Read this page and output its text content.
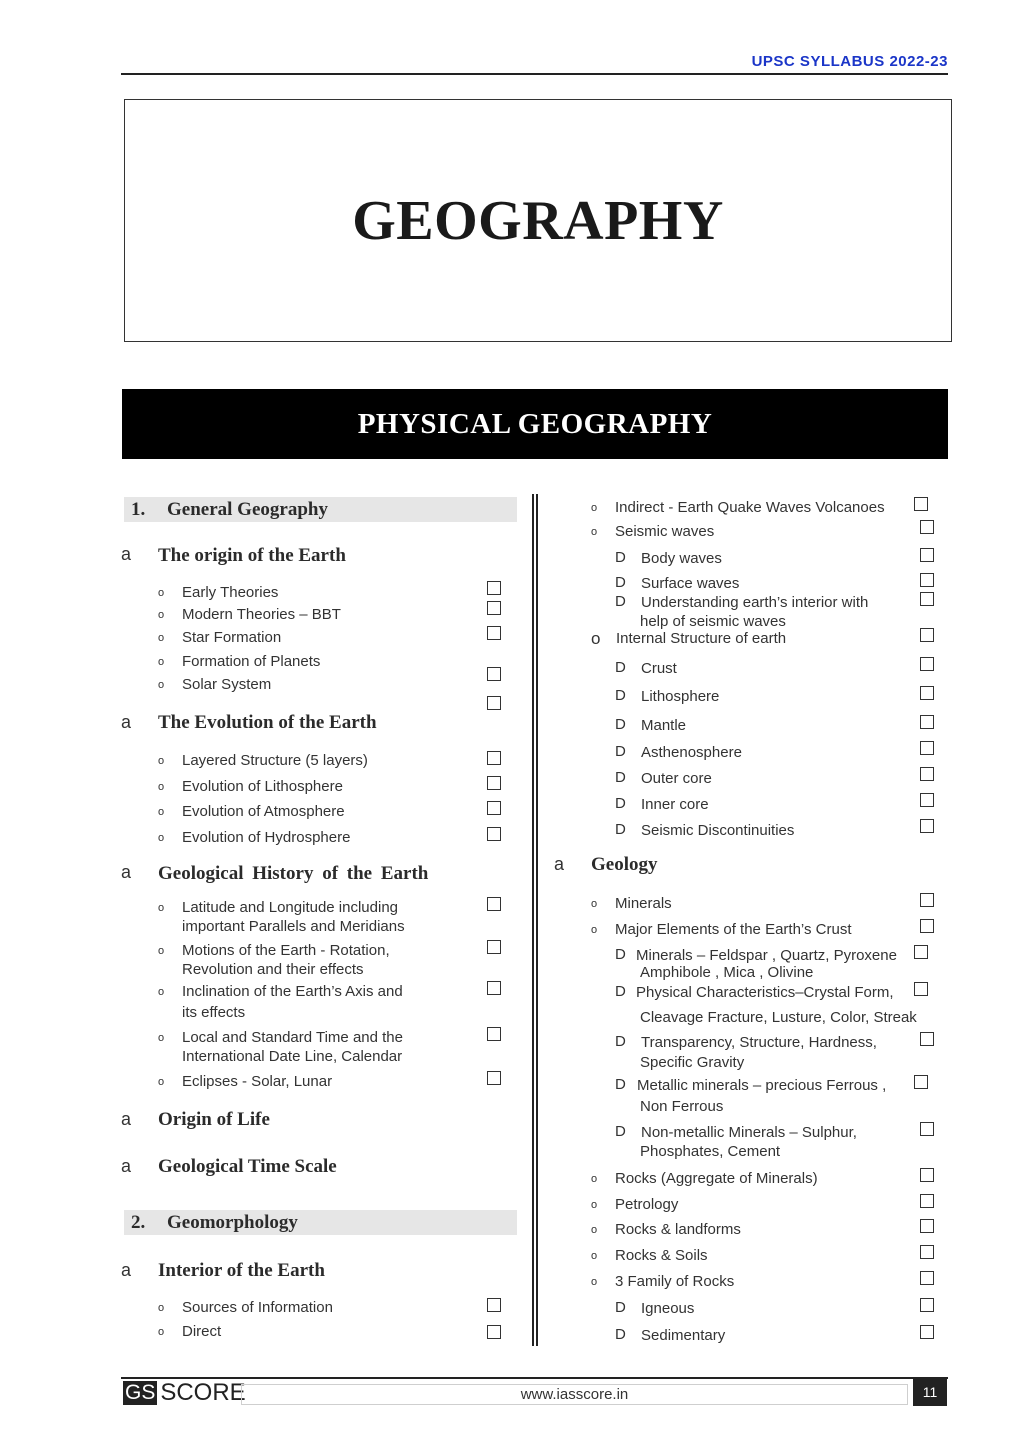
UPSC SYLLABUS 2022-23
GEOGRAPHY
PHYSICAL GEOGRAPHY
1.	General Geography
a The origin of the Earth
o Early Theories
o Modern Theories – BBT
o Star Formation
o Formation of Planets
o Solar System
a The Evolution of the Earth
o Layered Structure (5 layers)
o Evolution of Lithosphere
o Evolution of Atmosphere
o Evolution of Hydrosphere
a Geological History of the Earth
o Latitude and Longitude including
important Parallels and Meridians
o Motions of the Earth - Rotation,
Revolution and their effects
o Inclination of the Earth’s Axis and
its effects
o Local and Standard Time and the
International Date Line, Calendar
o Eclipses - Solar, Lunar
a Origin of Life
a Geological Time Scale
2.	Geomorphology
a Interior of the Earth
o Sources of Information
o Direct
o Indirect - Earth Quake Waves Volcanoes
o Seismic waves
D Body waves
D Surface waves
D Understanding earth’s interior with
help of seismic waves
o Internal Structure of earth
D Crust
D Lithosphere
D Mantle
D Asthenosphere
D Outer core
D Inner core
D Seismic Discontinuities
a Geology
o Minerals
o Major Elements of the Earth’s Crust
D Minerals – Feldspar , Quartz, Pyroxene
Amphibole , Mica , Olivine
D Physical Characteristics–Crystal Form,
Cleavage Fracture, Lusture, Color, Streak
D Transparency, Structure, Hardness,
Specific Gravity
D Metallic minerals – precious Ferrous ,
Non Ferrous
D Non-metallic Minerals – Sulphur,
Phosphates, Cement
o Rocks (Aggregate of Minerals)
o Petrology
o Rocks & landforms
o Rocks & Soils
o 3 Family of Rocks
D Igneous
D Sedimentary
GS SCORE	www.iasscore.in	11
